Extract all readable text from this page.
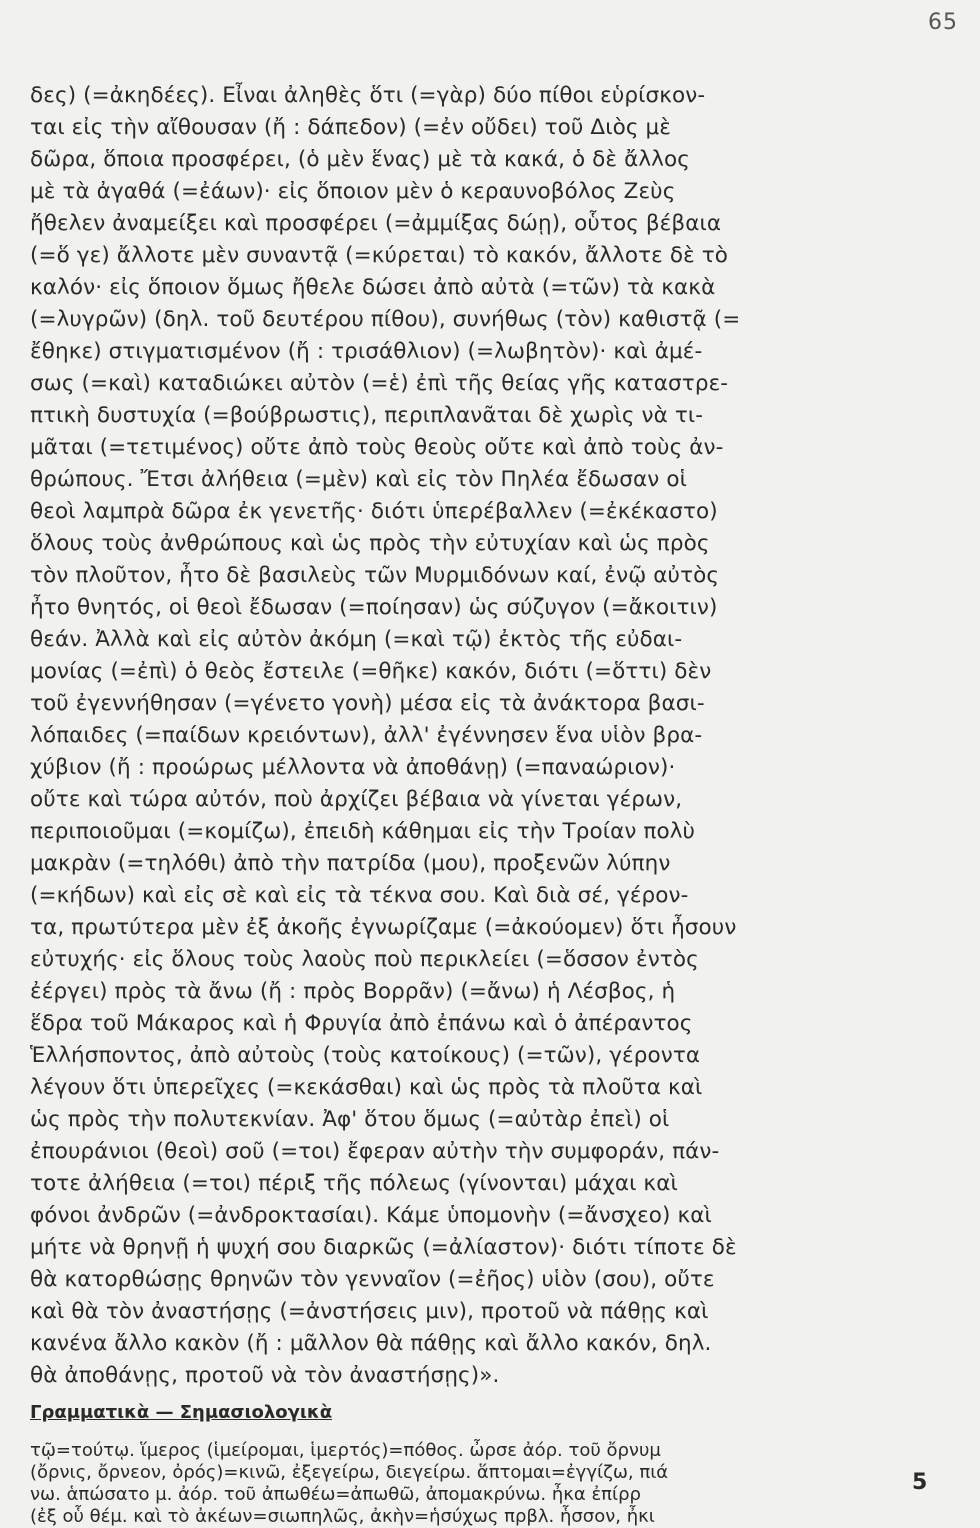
65
δες) (=ἀκηδέες). Εἶναι ἀληθὲς ὅτι (=γὰρ) δύο πίθοι εὑρίσκον-
ται εἰς τὴν αἴθουσαν (ἤ : δάπεδον) (=ἐν οὔδει) τοῦ Διὸς μὲ
δῶρα, ὅποια προσφέρει, (ὁ μὲν ἕνας) μὲ τὰ κακά, ὁ δὲ ἄλλος
μὲ τὰ ἀγαθά (=ἐάων)· εἰς ὅποιον μὲν ὁ κεραυνοβόλος Ζεὺς
ἤθελεν ἀναμείξει καὶ προσφέρει (=ἀμμίξας δώῃ), οὗτος βέβαια
(=ὅ γε) ἄλλοτε μὲν συναντᾷ (=κύρεται) τὸ κακόν, ἄλλοτε δὲ τὸ
καλόν· εἰς ὅποιον ὅμως ἤθελε δώσει ἀπὸ αὐτὰ (=τῶν) τὰ κακὰ
(=λυγρῶν) (δηλ. τοῦ δευτέρου πίθου), συνήθως (τὸν) καθιστᾷ (=
ἔθηκε) στιγματισμένον (ἤ : τρισάθλιον) (=λωβητὸν)· καὶ ἀμέ-
σως (=καὶ) καταδιώκει αὐτὸν (=ἑ) ἐπὶ τῆς θείας γῆς καταστρε-
πτικὴ δυστυχία (=βούβρωστις), περιπλανᾶται δὲ χωρὶς νὰ τι-
μᾶται (=τετιμένος) οὔτε ἀπὸ τοὺς θεοὺς οὔτε καὶ ἀπὸ τοὺς ἀν-
θρώπους. Ἔτσι ἀλήθεια (=μὲν) καὶ εἰς τὸν Πηλέα ἔδωσαν οἱ
θεοὶ λαμπρὰ δῶρα ἐκ γενετῆς· διότι ὑπερέβαλλεν (=ἐκέκαστο)
ὅλους τοὺς ἀνθρώπους καὶ ὡς πρὸς τὴν εὐτυχίαν καὶ ὡς πρὸς
τὸν πλοῦτον, ἦτο δὲ βασιλεὺς τῶν Μυρμιδόνων καί, ἐνῷ αὐτὸς
ἦτο θνητός, οἱ θεοὶ ἔδωσαν (=ποίησαν) ὡς σύζυγον (=ἄκοιτιν)
θεάν. Ἀλλὰ καὶ εἰς αὐτὸν ἀκόμη (=καὶ τῷ) ἐκτὸς τῆς εὐδαι-
μονίας (=ἐπὶ) ὁ θεὸς ἔστειλε (=θῆκε) κακόν, διότι (=ὅττι) δὲν
τοῦ ἐγεννήθησαν (=γένετο γονὴ) μέσα εἰς τὰ ἀνάκτορα βασι-
λόπαιδες (=παίδων κρειόντων), ἀλλ' ἐγέννησεν ἕνα υἱὸν βρα-
χύβιον (ἤ : προώρως μέλλοντα νὰ ἀποθάνῃ) (=παναώριον)·
οὔτε καὶ τώρα αὐτόν, ποὺ ἀρχίζει βέβαια νὰ γίνεται γέρων,
περιποιοῦμαι (=κομίζω), ἐπειδὴ κάθημαι εἰς τὴν Τροίαν πολὺ
μακρὰν (=τηλόθι) ἀπὸ τὴν πατρίδα (μου), προξενῶν λύπην
(=κήδων) καὶ εἰς σὲ καὶ εἰς τὰ τέκνα σου. Καὶ διὰ σέ, γέρον-
τα, πρωτύτερα μὲν ἐξ ἀκοῆς ἐγνωρίζαμε (=ἀκούομεν) ὅτι ἦσουν
εὐτυχής· εἰς ὅλους τοὺς λαοὺς ποὺ περικλείει (=ὅσσον ἐντὸς
ἐέργει) πρὸς τὰ ἄνω (ἤ : πρὸς Βορρᾶν) (=ἄνω) ἡ Λέσβος, ἡ
ἕδρα τοῦ Μάκαρος καὶ ἡ Φρυγία ἀπὸ ἐπάνω καὶ ὁ ἀπέραντος
Ἑλλήσποντος, ἀπὸ αὐτοὺς (τοὺς κατοίκους) (=τῶν), γέροντα
λέγουν ὅτι ὑπερεῖχες (=κεκάσθαι) καὶ ὡς πρὸς τὰ πλοῦτα καὶ
ὡς πρὸς τὴν πολυτεκνίαν. Ἀφ' ὅτου ὅμως (=αὐτὰρ ἐπεὶ) οἱ
ἐπουράνιοι (θεοὶ) σοῦ (=τοι) ἔφεραν αὐτὴν τὴν συμφοράν, πάν-
τοτε ἀλήθεια (=τοι) πέριξ τῆς πόλεως (γίνονται) μάχαι καὶ
φόνοι ἀνδρῶν (=ἀνδροκτασίαι). Κάμε ὑπομονὴν (=ἄνσχεο) καὶ
μήτε νὰ θρηνῇ ἡ ψυχή σου διαρκῶς (=ἀλίαστον)· διότι τίποτε δὲ
θὰ κατορθώσῃς θρηνῶν τὸν γενναῖον (=ἐῆος) υἱὸν (σου), οὔτε
καὶ θὰ τὸν ἀναστήσῃς (=ἀνστήσεις μιν), προτοῦ νὰ πάθῃς καὶ
κανένα ἄλλο κακὸν (ἤ : μᾶλλον θὰ πάθῃς καὶ ἄλλο κακόν, δηλ.
θὰ ἀποθάνῃς, προτοῦ νὰ τὸν ἀναστήσῃς)».
Γραμματικὰ — Σημασιολογικὰ
τῷ=τούτῳ. ἵμερος (ἱμείρομαι, ἱμερτός)=πόθος. ὦρσε ἀόρ. τοῦ ὄρνυμ
(ὄρνις, ὄρνεον, ὀρός)=κινῶ, ἐξεγείρω, διεγείρω. ἅπτομαι=ἐγγίζω, πιά
νω. ἁπώσατο μ. ἀόρ. τοῦ ἀπωθέω=ἀπωθῶ, ἀπομακρύνω. ἦκα ἐπίρρ
(ἐξ οὗ θέμ. καὶ τὸ ἀκέων=σιωπηλῶς, ἀκὴν=ἡσύχως πρβλ. ἧσσον, ἦκι
5
